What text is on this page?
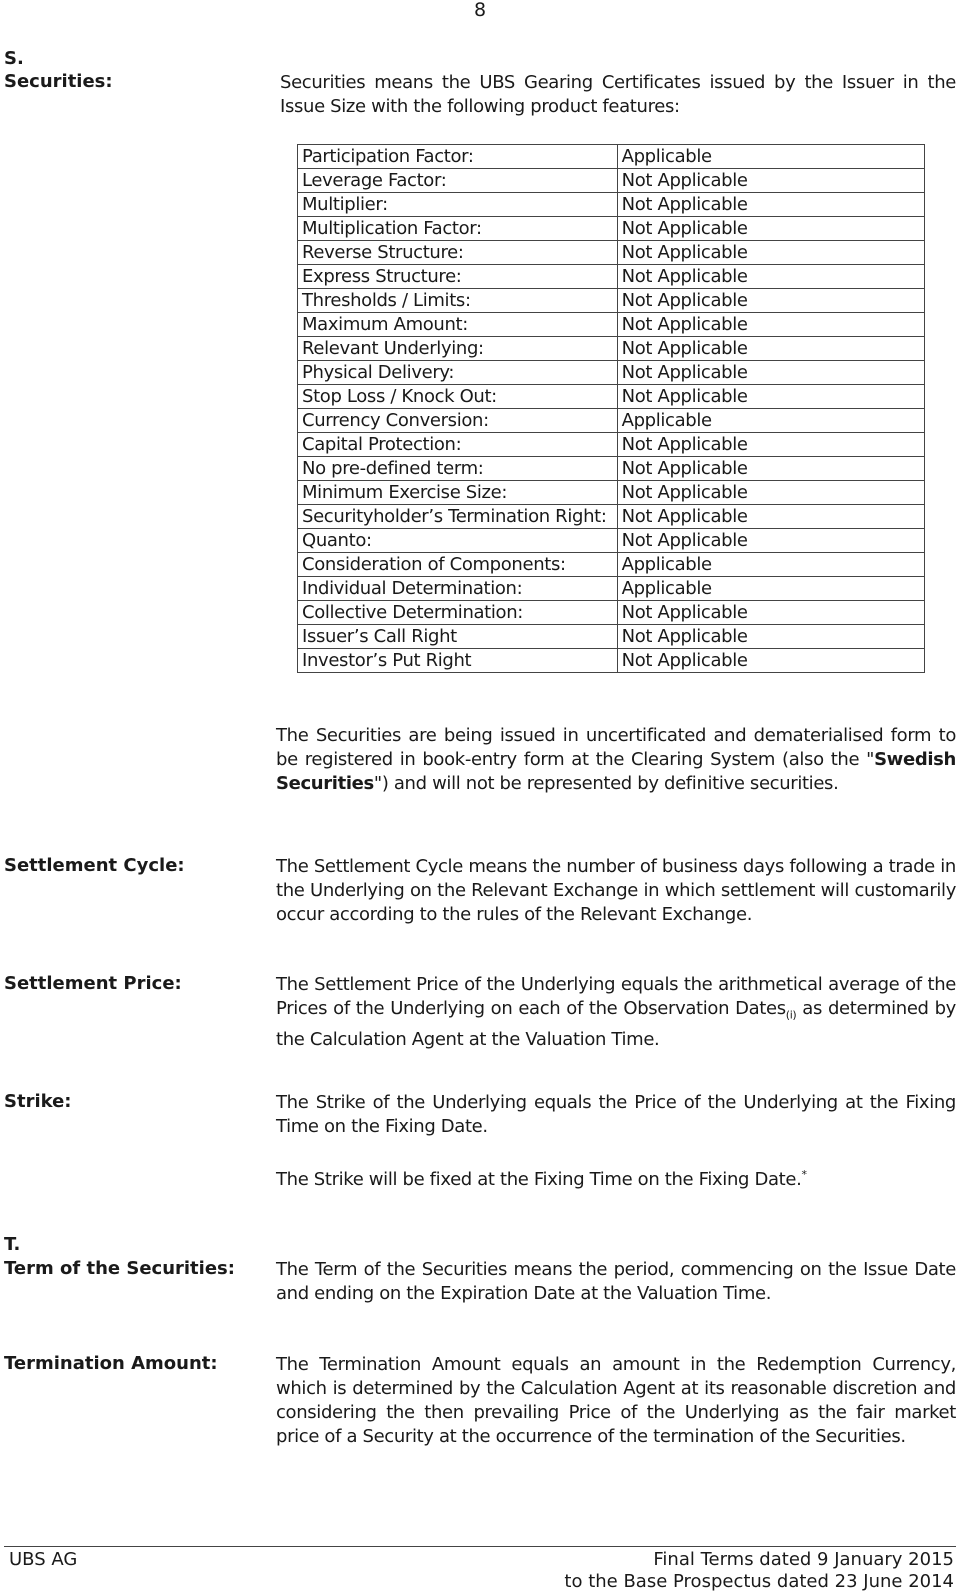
8
S.
Securities:	Securities means the UBS Gearing Certificates issued by the Issuer in the Issue Size with the following product features:
Participation Factor:	Applicable
Leverage Factor:	Not Applicable
Multiplier:	Not Applicable
Multiplication Factor:	Not Applicable
Reverse Structure:	Not Applicable
Express Structure:	Not Applicable
Thresholds / Limits:	Not Applicable
Maximum Amount:	Not Applicable
Relevant Underlying:	Not Applicable
Physical Delivery:	Not Applicable
Stop Loss / Knock Out:	Not Applicable
Currency Conversion:	Applicable
Capital Protection:	Not Applicable
No pre-defined term:	Not Applicable
Minimum Exercise Size:	Not Applicable
Securityholder’s Termination Right:	Not Applicable
Quanto:	Not Applicable
Consideration of Components:	Applicable
Individual Determination:	Applicable
Collective Determination:	Not Applicable
Issuer’s Call Right	Not Applicable
Investor’s Put Right	Not Applicable
The Securities are being issued in uncertificated and dematerialised form to be registered in book-entry form at the Clearing System (also the "Swedish Securities") and will not be represented by definitive securities.
Settlement Cycle:	The Settlement Cycle means the number of business days following a trade in the Underlying on the Relevant Exchange in which settlement will customarily occur according to the rules of the Relevant Exchange.
Settlement Price:	The Settlement Price of the Underlying equals the arithmetical average of the Prices of the Underlying on each of the Observation Dates$_{(i)}$ as determined by the Calculation Agent at the Valuation Time.
Strike:	The Strike of the Underlying equals the Price of the Underlying at the Fixing Time on the Fixing Date.
The Strike will be fixed at the Fixing Time on the Fixing Date.*
T.
Term of the Securities: The Term of the Securities means the period, commencing on the Issue Date and ending on the Expiration Date at the Valuation Time.
Termination Amount:	The Termination Amount equals an amount in the Redemption Currency, which is determined by the Calculation Agent at its reasonable discretion and considering the then prevailing Price of the Underlying as the fair market price of a Security at the occurrence of the termination of the Securities.
UBS AG	Final Terms dated 9 January 2015
to the Base Prospectus dated 23 June 2014
